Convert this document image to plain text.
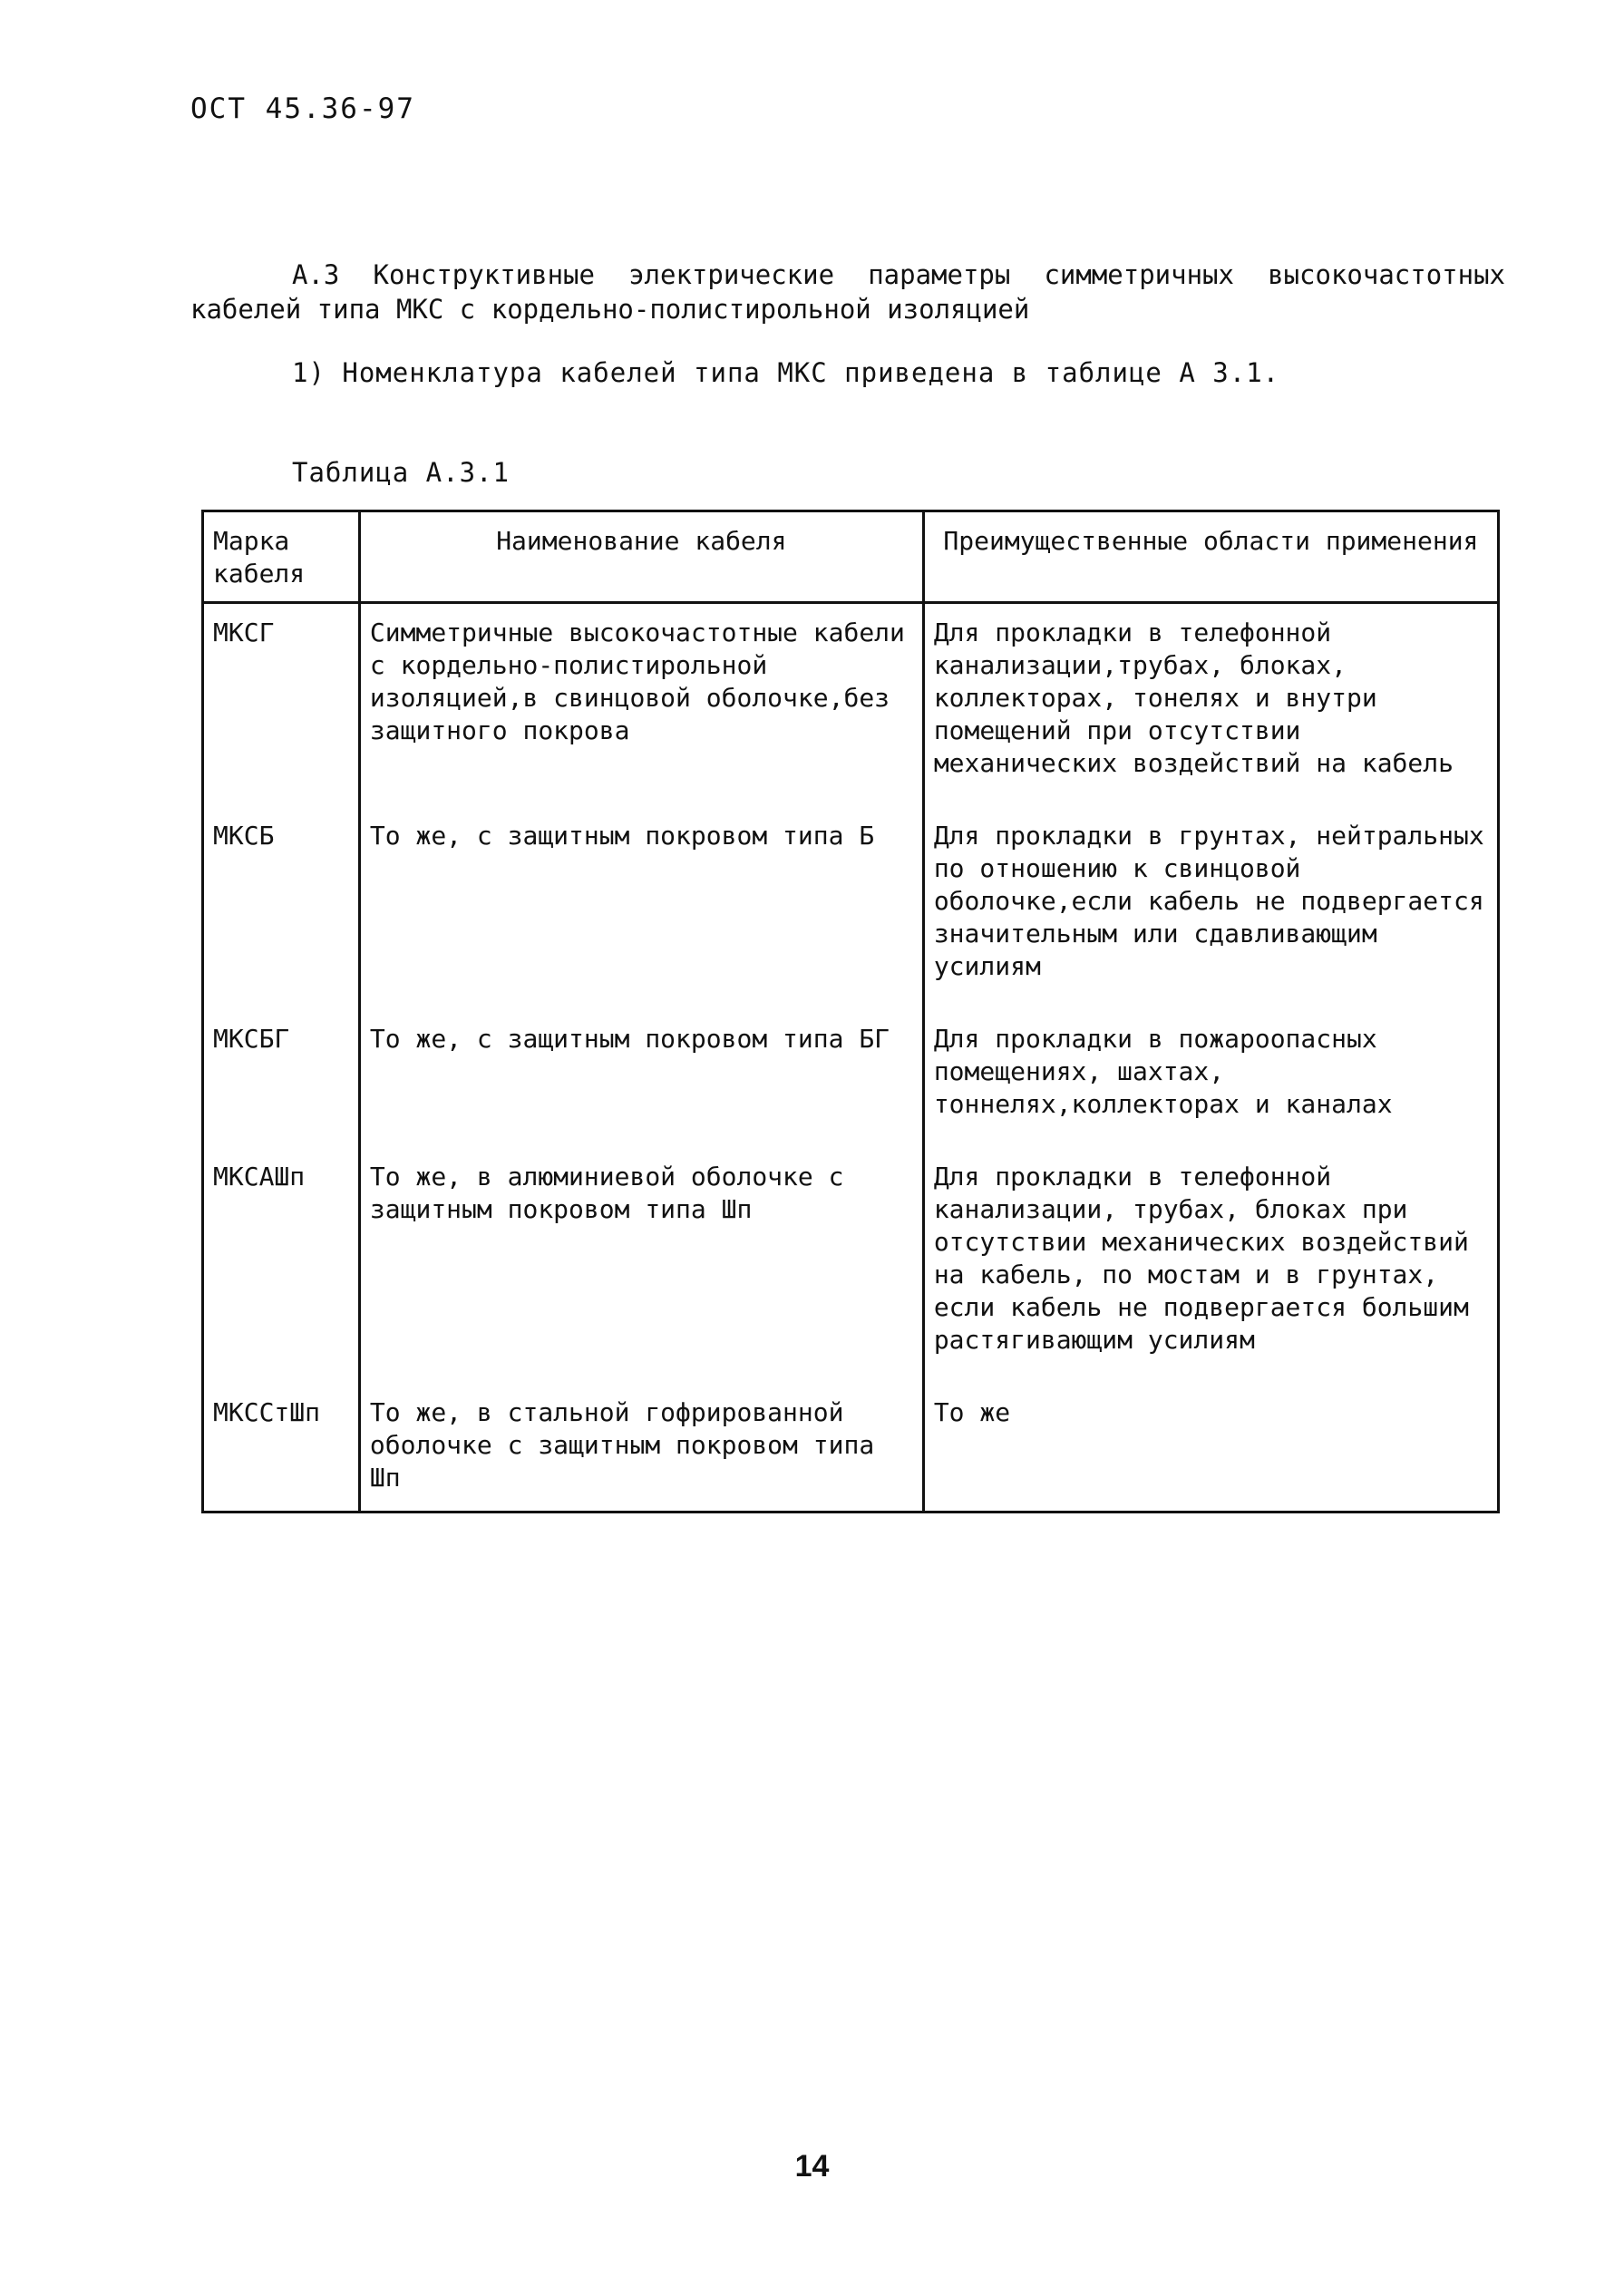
ОСТ 45.36-97

А.3 Конструктивные электрические параметры симметричных высокочастотных кабелей типа МКС с кордельно-полистирольной изоляцией

1) Номенклатура кабелей типа МКС приведена в таблице А 3.1.
Таблица А.3.1
Марка кабеля	Наименование кабеля	Преимущественные области применения
МКСГ	Симметричные высокочастотные кабели с кордельно-полистирольной изоляцией,в свинцовой оболочке,без защитного покрова	Для прокладки в телефонной канализации,трубах, блоках, коллекторах, тонелях и внутри помещений при отсутствии механических воздействий на кабель
МКСБ	То же, с защитным покровом типа Б	Для прокладки в грунтах, нейтральных по отношению к свинцовой оболочке,если кабель не подвергается значительным или сдавливающим усилиям
МКСБГ	То же, с защитным покровом типа БГ	Для прокладки в пожароопасных помещениях, шахтах, тоннелях,коллекторах и каналах
МКСАШп	То же, в алюминиевой оболочке с защитным покровом типа Шп	Для прокладки в телефонной канализации, трубах, блоках при отсутствии механических воздействий на кабель, по мостам и в грунтах, если кабель не подвергается большим растягивающим усилиям
МКССтШп	То же, в стальной гофрированной оболочке с защитным покровом типа Шп	То же
14
